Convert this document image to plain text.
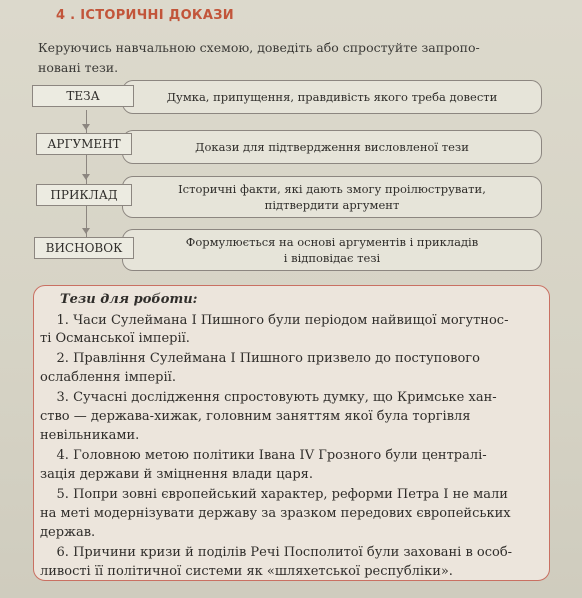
4 . ІСТОРИЧНІ ДОКАЗИ
Керуючись навчальною схемою, доведіть або спростуйте запропо-
новані тези.
Думка, припущення, правдивість якого треба довести
ТЕЗА
Докази для підтвердження висловленої тези
АРГУМЕНТ
Історичні факти, які дають змогу проілюструвати,
підтвердити аргумент
ПРИКЛАД
Формулюється на основі аргументів і прикладів
і відповідає тезі
ВИСНОВОК
Тези для роботи:
1. Часи Сулеймана I Пишного були періодом найвищої могутнос-
ті Османської імперії.
2. Правління Сулеймана I Пишного призвело до поступового
ослаблення імперії.
3. Сучасні дослідження спростовують думку, що Кримське хан-
ство — держава-хижак, головним заняттям якої була торгівля
невільниками.
4. Головною метою політики Івана IV Грозного були централі-
зація держави й зміцнення влади царя.
5. Попри зовні європейський характер, реформи Петра I не мали
на меті модернізувати державу за зразком передових європейських
держав.
6. Причини кризи й поділів Речі Посполитої були заховані в особ-
ливості її політичної системи як «шляхетської республіки».
